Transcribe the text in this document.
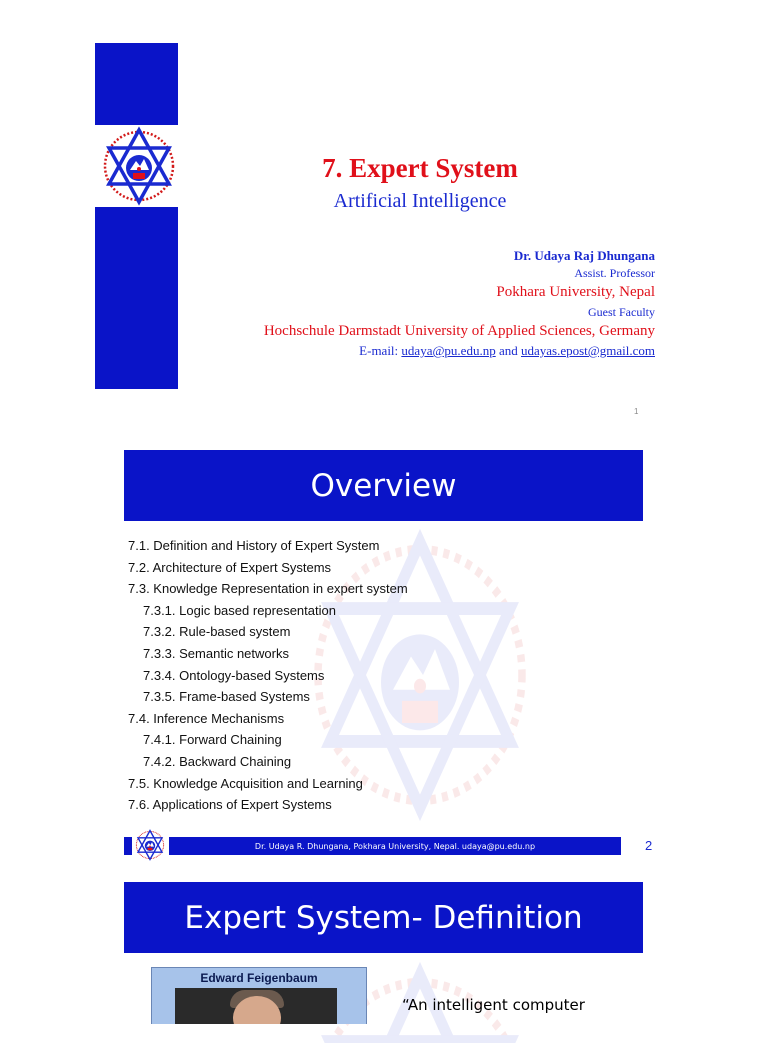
7. Expert System
Artificial Intelligence
Dr. Udaya Raj Dhungana
Assist. Professor
Pokhara University, Nepal
Guest Faculty
Hochschule Darmstadt University of Applied Sciences, Germany
E-mail: udaya@pu.edu.np and udayas.epost@gmail.com
1
Overview
7.1. Definition and History of Expert System
7.2. Architecture of Expert Systems
7.3. Knowledge Representation in expert system
7.3.1. Logic based representation
7.3.2. Rule-based system
7.3.3. Semantic networks
7.3.4. Ontology-based Systems
7.3.5. Frame-based Systems
7.4. Inference Mechanisms
7.4.1. Forward Chaining
7.4.2. Backward Chaining
7.5. Knowledge Acquisition and Learning
7.6. Applications of Expert Systems
Dr. Udaya R. Dhungana, Pokhara University, Nepal. udaya@pu.edu.np	2
Expert System- Definition
Edward Feigenbaum
“An intelligent computer
